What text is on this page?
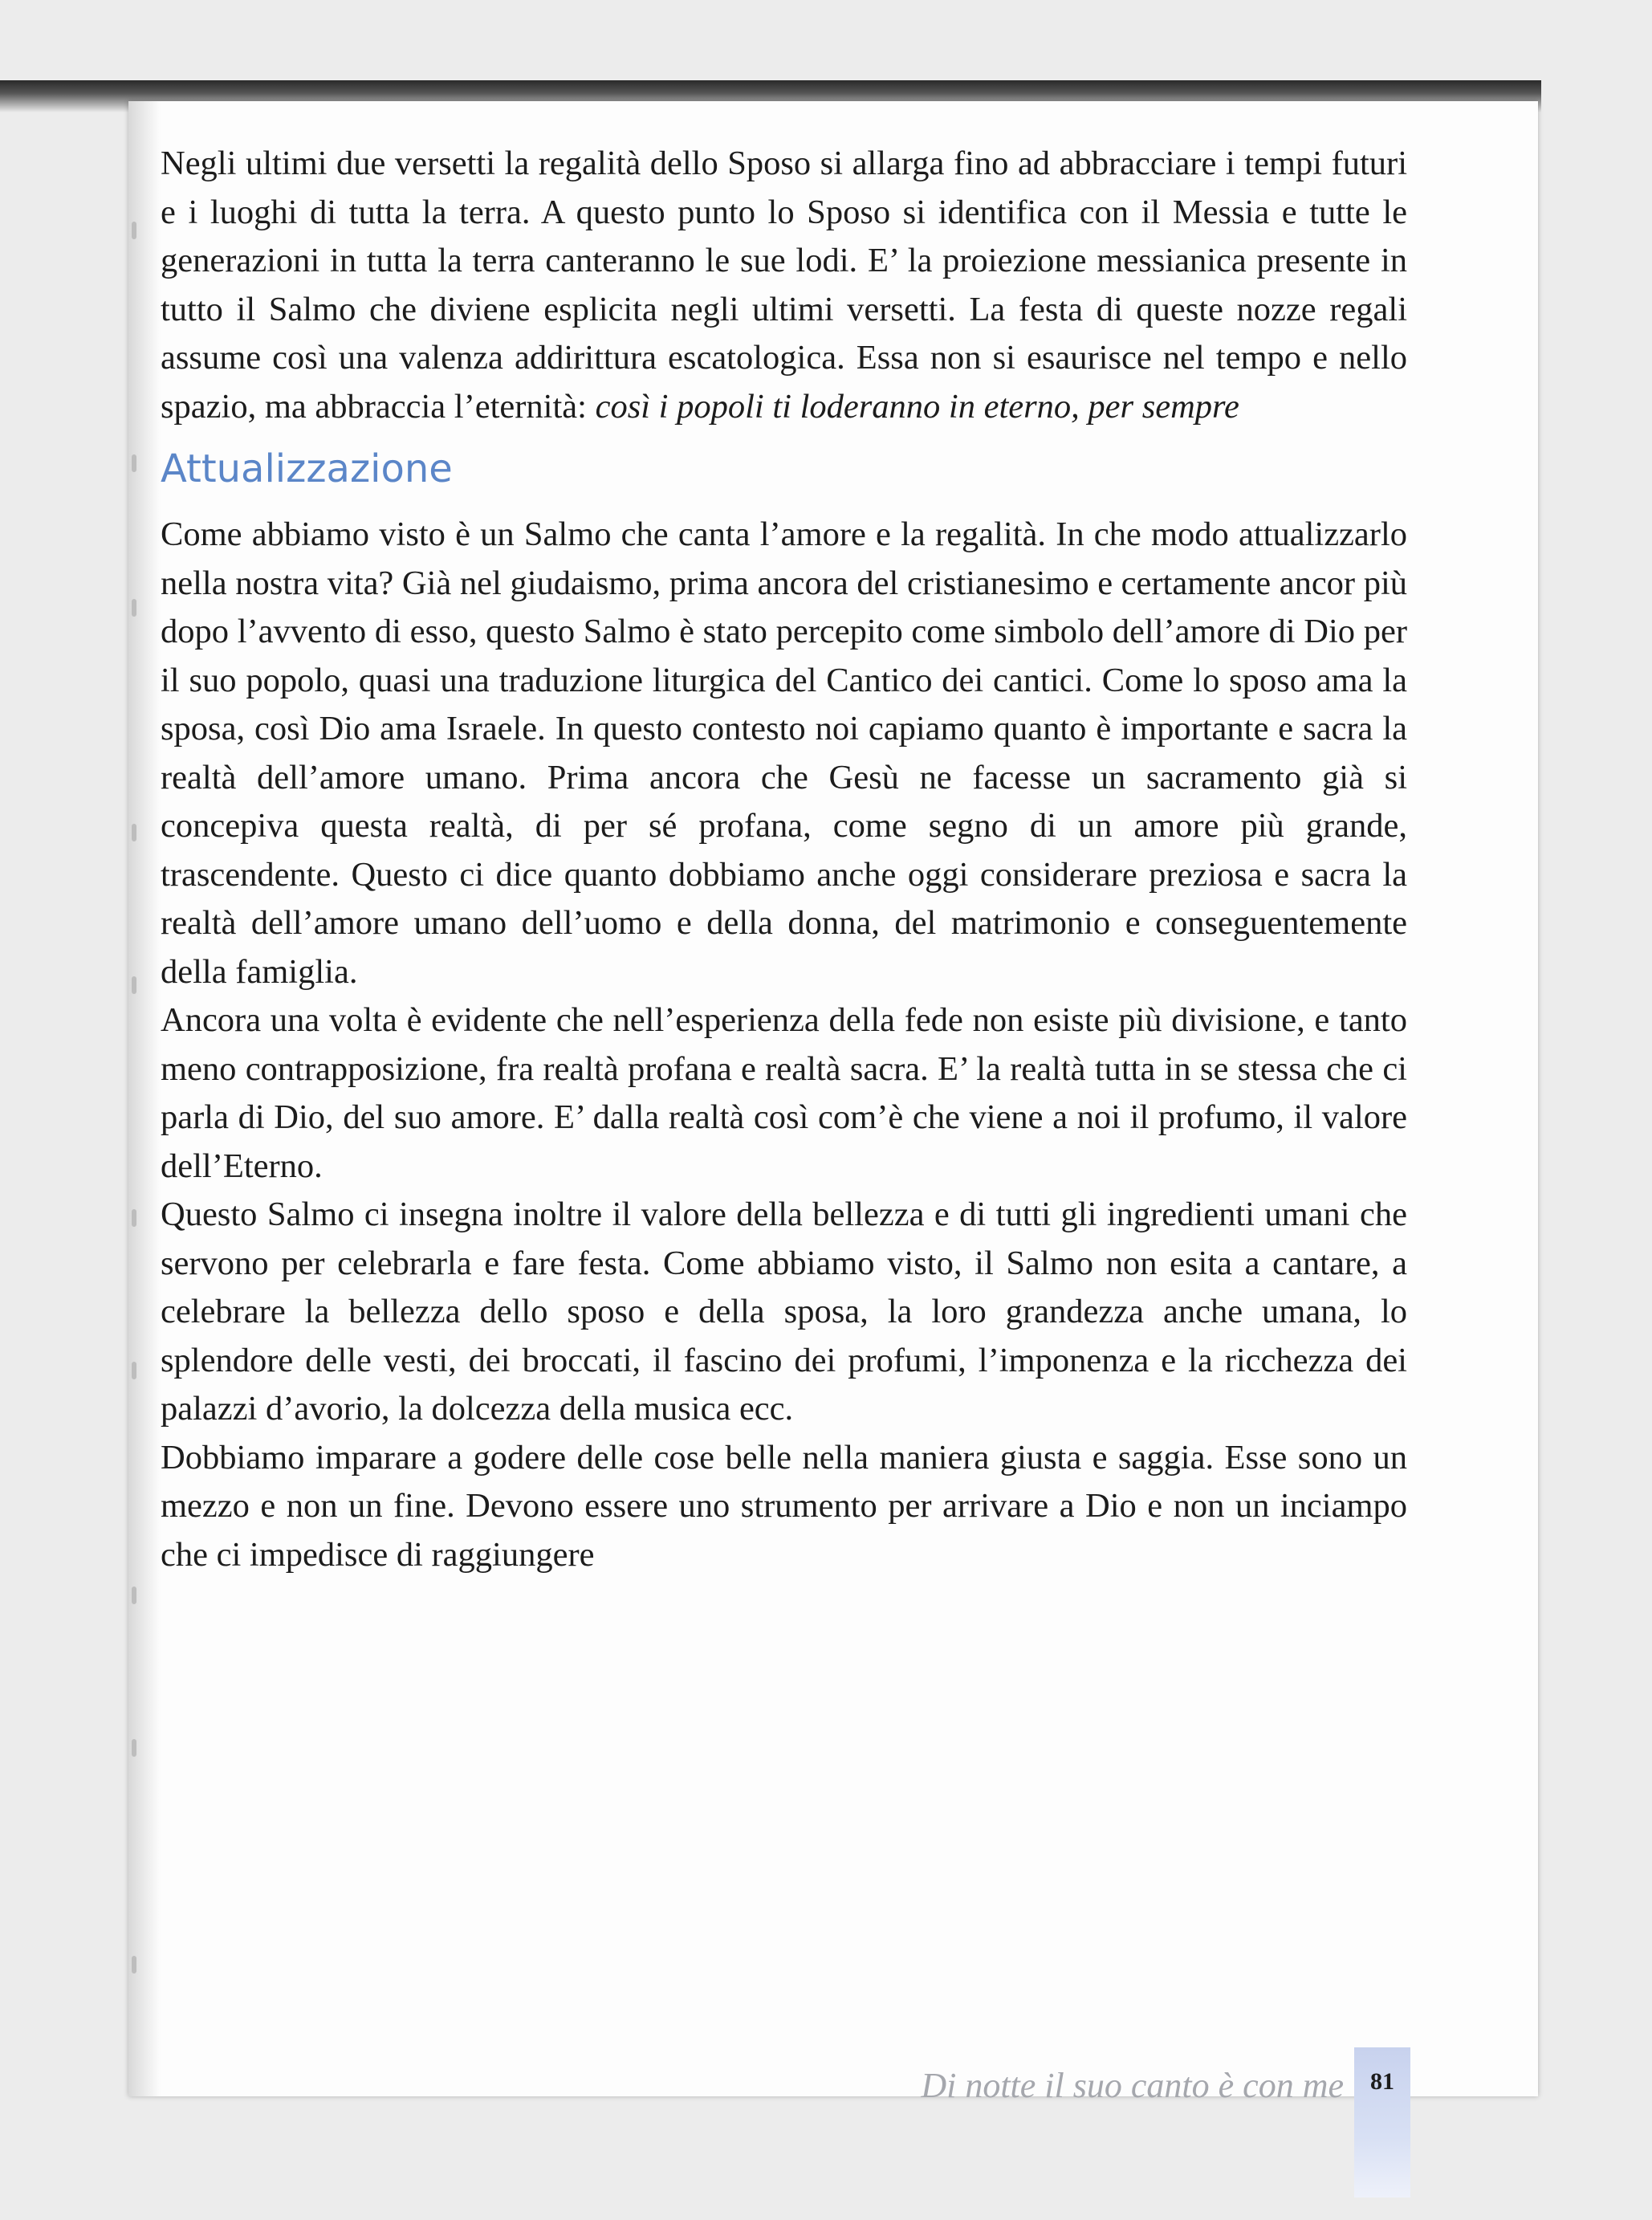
81
Di notte il suo canto è con me

Negli ultimi due versetti la regalità dello Sposo si allarga fino ad abbracciare i tempi futuri e i luoghi di tutta la terra. A questo punto lo Sposo si identifica con il Messia e tutte le generazioni in tutta la terra canteranno le sue lodi. E’ la proiezione messianica presente in tutto il Salmo che diviene esplicita negli ultimi versetti. La festa di queste nozze regali assume così una valenza addirittura escatologica. Essa non si esaurisce nel tempo e nello spazio, ma abbraccia l’eternità: così i popoli ti loderanno in eterno, per sempre

Attualizzazione

Come abbiamo visto è un Salmo che canta l’amore e la regalità. In che modo attualizzarlo nella nostra vita? Già nel giudaismo, prima ancora del cristianesimo e certamente ancor più dopo l’avvento di esso, questo Salmo è stato percepito come simbolo dell’amore di Dio per il suo popolo, quasi una traduzione liturgica del Cantico dei cantici. Come lo sposo ama la sposa, così Dio ama Israele. In questo contesto noi capiamo quanto è importante e sacra la realtà dell’amore umano. Prima ancora che Gesù ne facesse un sacramento già si concepiva questa realtà, di per sé profana, come segno di un amore più grande, trascendente. Questo ci dice quanto dobbiamo anche oggi considerare preziosa e sacra la realtà dell’amore umano dell’uomo e della donna, del matrimonio e conseguentemente della famiglia.

Ancora una volta è evidente che nell’esperienza della fede non esiste più divisione, e tanto meno contrapposizione, fra realtà profana e realtà sacra. E’ la realtà tutta in se stessa che ci parla di Dio, del suo amore. E’ dalla realtà così com’è che viene a noi il profumo, il valore dell’Eterno.

Questo Salmo ci insegna inoltre il valore della bellezza e di tutti gli ingredienti umani che servono per celebrarla e fare festa. Come abbiamo visto, il Salmo non esita a cantare, a celebrare la bellezza dello sposo e della sposa, la loro grandezza anche umana, lo splendore delle vesti, dei broccati, il fascino dei profumi, l’imponenza e la ricchezza dei palazzi d’avorio, la dolcezza della musica ecc.

Dobbiamo imparare a godere delle cose belle nella maniera giusta e saggia. Esse sono un mezzo e non un fine. Devono essere uno strumento per arrivare a Dio e non un inciampo che ci impedisce di raggiungere
